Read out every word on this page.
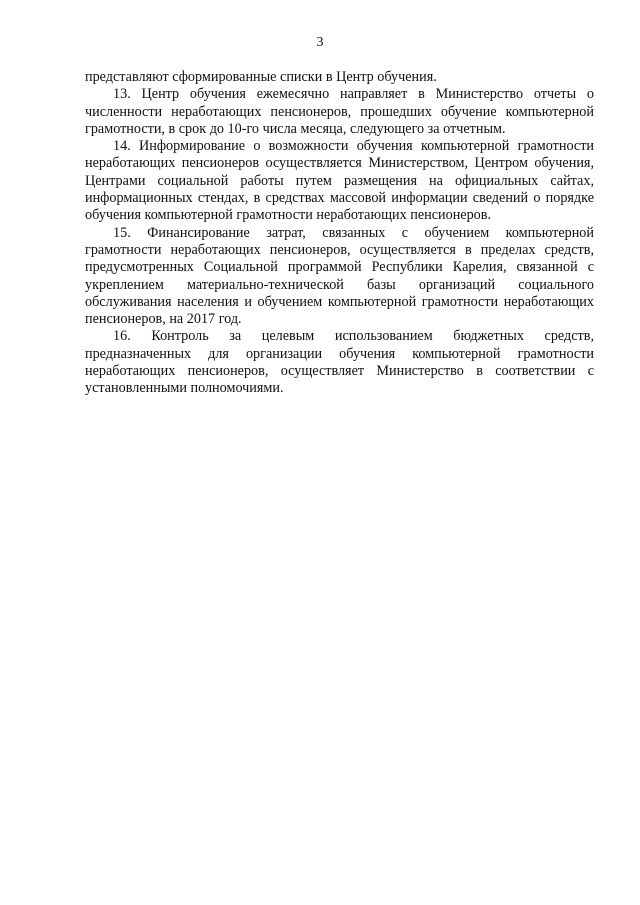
3

представляют сформированные списки в Центр обучения.

13. Центр обучения ежемесячно направляет в Министерство отчеты о численности неработающих пенсионеров, прошедших обучение компьютерной грамотности, в срок до 10-го числа месяца, следующего за отчетным.

14. Информирование о возможности обучения компьютерной грамотности неработающих пенсионеров осуществляется Министерством, Центром обучения, Центрами социальной работы путем размещения на официальных сайтах, информационных стендах, в средствах массовой информации сведений о порядке обучения компьютерной грамотности неработающих пенсионеров.

15. Финансирование затрат, связанных с обучением компьютерной грамотности неработающих пенсионеров, осуществляется в пределах средств, предусмотренных Социальной программой Республики Карелия, связанной с укреплением материально-технической базы организаций социального обслуживания населения и обучением компьютерной грамотности неработающих пенсионеров, на 2017 год.

16. Контроль за целевым использованием бюджетных средств, предназначенных для организации обучения компьютерной грамотности неработающих пенсионеров, осуществляет Министерство в соответствии с установленными полномочиями.
